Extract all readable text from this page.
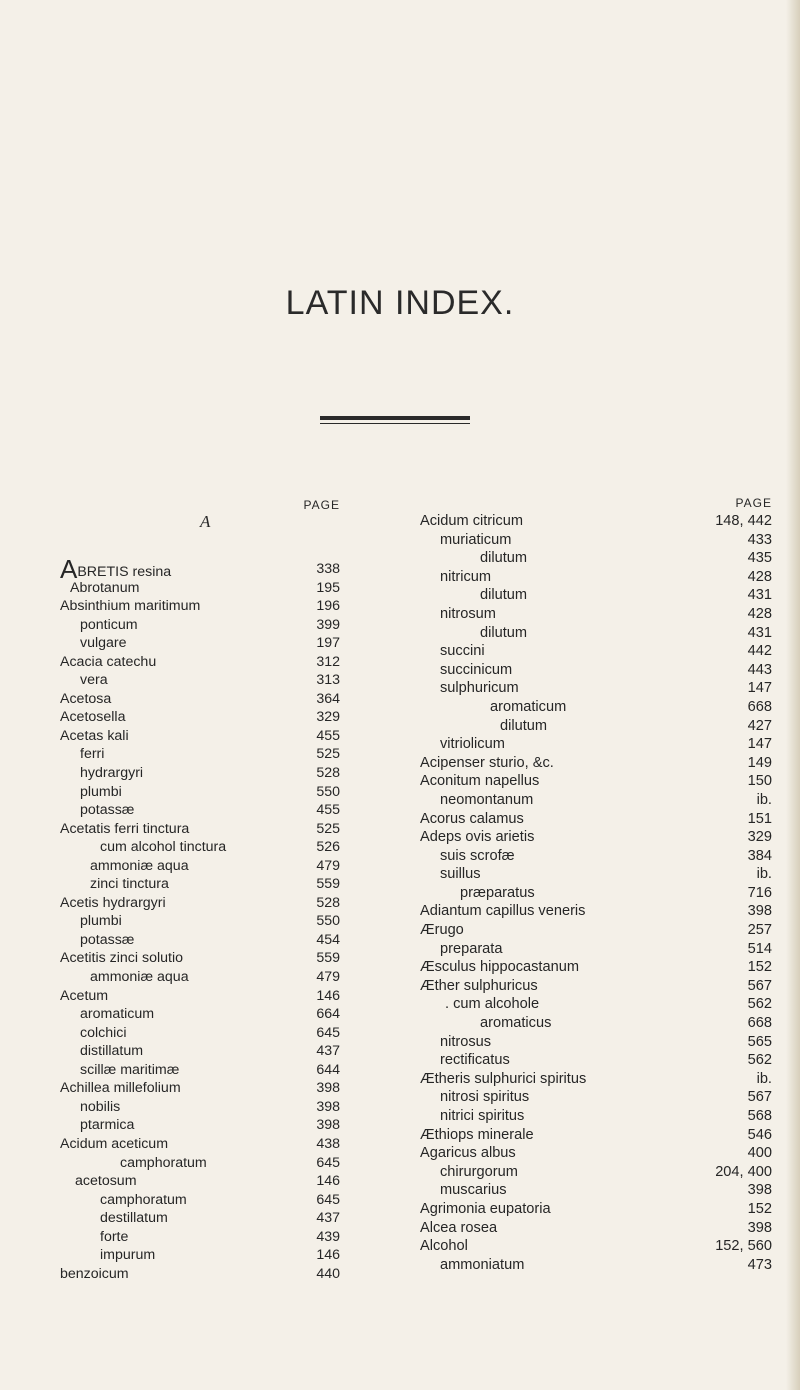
LATIN INDEX.
A
PAGE
ABRETIS resina	338
Abrotanum	195
Absinthium maritimum	196
ponticum	399
vulgare	197
Acacia catechu	312
vera	313
Acetosa	364
Acetosella	329
Acetas kali	455
ferri	525
hydrargyri	528
plumbi	550
potassæ	455
Acetatis ferri tinctura	525
cum alcohol tinctura	526
ammoniæ aqua	479
zinci tinctura	559
Acetis hydrargyri	528
plumbi	550
potassæ	454
Acetitis zinci solutio	559
ammoniæ aqua	479
Acetum	146
aromaticum	664
colchici	645
distillatum	437
scillæ maritimæ	644
Achillea millefolium	398
nobilis	398
ptarmica	398
Acidum aceticum	438
camphoratum	645
acetosum	146
camphoratum	645
destillatum	437
forte	439
impurum	146
benzoicum	440
PAGE
Acidum citricum	148, 442
muriaticum	433
dilutum	435
nitricum	428
dilutum	431
nitrosum	428
dilutum	431
succini	442
succinicum	443
sulphuricum	147
aromaticum	668
dilutum	427
vitriolicum	147
Acipenser sturio, &c.	149
Aconitum napellus	150
neomontanum	ib.
Acorus calamus	151
Adeps ovis arietis	329
suis scrofæ	384
suillus	ib.
præparatus	716
Adiantum capillus veneris	398
Ærugo	257
preparata	514
Æsculus hippocastanum	152
Æther sulphuricus	567
. cum alcohole	562
aromaticus	668
nitrosus	565
rectificatus	562
Ætheris sulphurici spiritus	ib.
nitrosi spiritus	567
nitrici spiritus	568
Æthiops minerale	546
Agaricus albus	400
chirurgorum	204, 400
muscarius	398
Agrimonia eupatoria	152
Alcea rosea	398
Alcohol	152, 560
ammoniatum	473
